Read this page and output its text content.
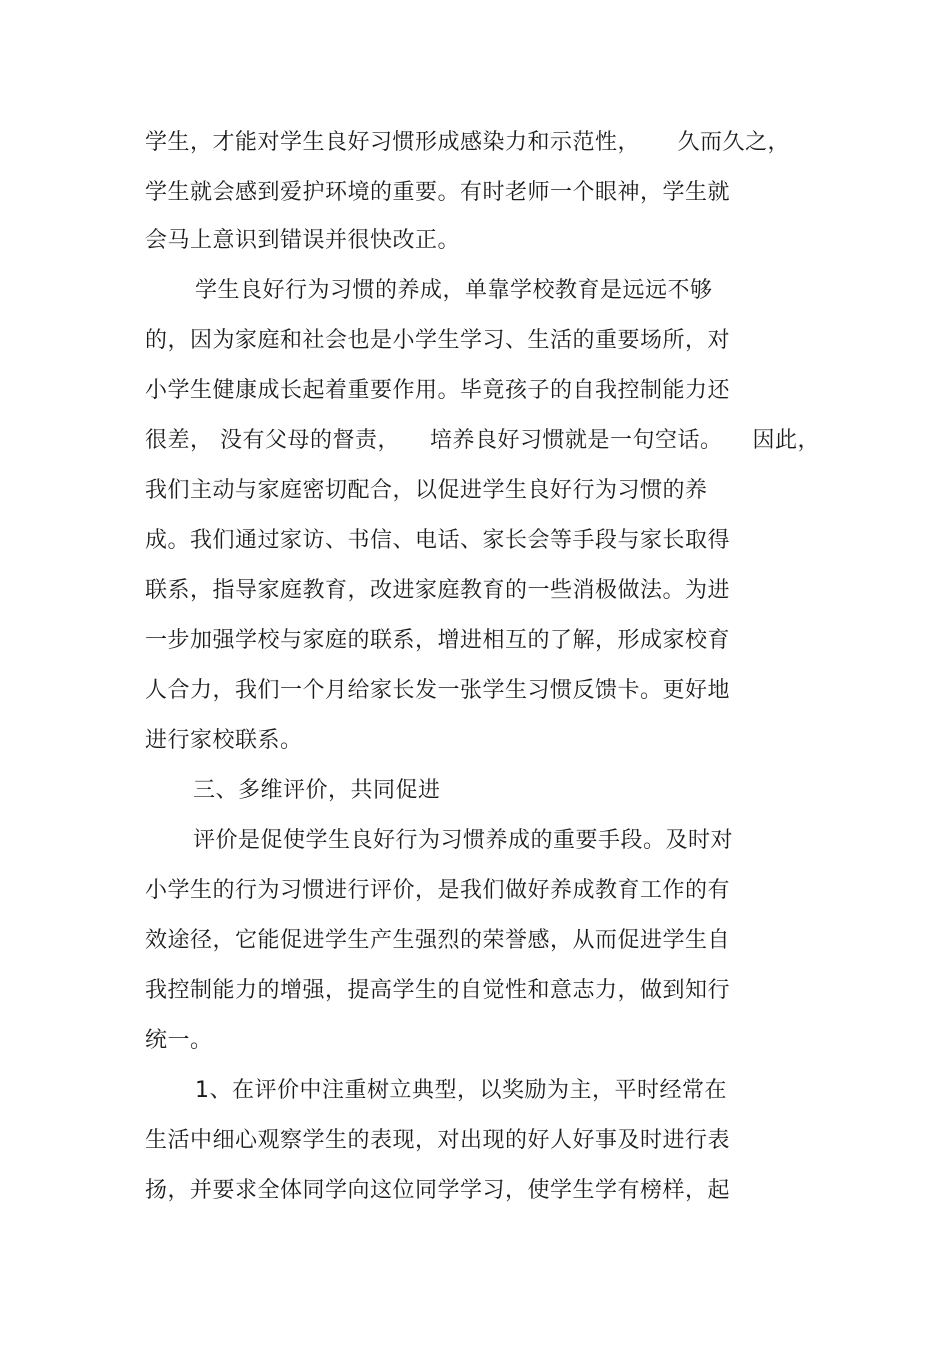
学生，才能对学生良好习惯形成感染力和示范性，     久而久之，
学生就会感到爱护环境的重要。有时老师一个眼神，学生就
会马上意识到错误并很快改正。
学生良好行为习惯的养成，单靠学校教育是远远不够
的，因为家庭和社会也是小学生学习、生活的重要场所，对
小学生健康成长起着重要作用。毕竟孩子的自我控制能力还
很差， 没有父母的督责，    培养良好习惯就是一句空话。    因此，
我们主动与家庭密切配合，以促进学生良好行为习惯的养
成。我们通过家访、书信、电话、家长会等手段与家长取得
联系，指导家庭教育，改进家庭教育的一些消极做法。为进
一步加强学校与家庭的联系，增进相互的了解，形成家校育
人合力，我们一个月给家长发一张学生习惯反馈卡。更好地
进行家校联系。
三、多维评价，共同促进
评价是促使学生良好行为习惯养成的重要手段。及时对
小学生的行为习惯进行评价，是我们做好养成教育工作的有
效途径，它能促进学生产生强烈的荣誉感，从而促进学生自
我控制能力的增强，提高学生的自觉性和意志力，做到知行
统一。
1、在评价中注重树立典型，以奖励为主，平时经常在
生活中细心观察学生的表现，对出现的好人好事及时进行表
扬，并要求全体同学向这位同学学习，使学生学有榜样，起
